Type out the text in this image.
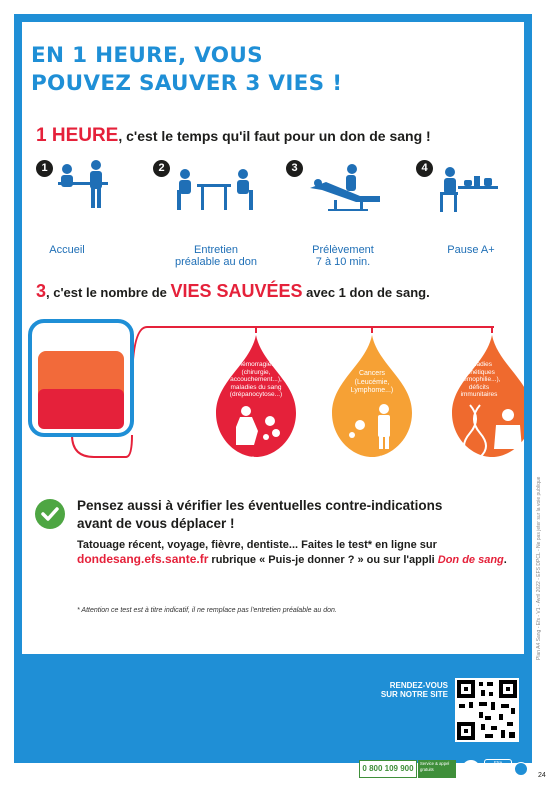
EN 1 HEURE, VOUS
POUVEZ SAUVER 3 VIES !
1 HEURE, c'est le temps qu'il faut pour un don de sang !
1
Accueil

2
Entretien
préalable au don
3
Prélèvement
7 à 10 min.
4
Pause A+

3, c'est le nombre de VIES SAUVÉES avec 1 don de sang.
Hémorragies
(chirurgie,
accouchement...),
maladies du sang
(drépanocytose...)
Globules
rouges
Cancers
(Leucémie,
Lymphome...)
Plaquettes
Maladies
génétiques
(hémophilie...),
déficits
immunitaires
Plasma
Pensez aussi à vérifier les éventuelles contre-indications
avant de vous déplacer !
Tatouage récent, voyage, fièvre, dentiste... Faites le test* en ligne sur
dondesang.efs.sante.fr rubrique « Puis-je donner ? » ou sur l'appli Don de sang.
* Attention ce test est à titre indicatif, il ne remplace pas l'entretien préalable au don.
RENDEZ-VOUS
SUR NOTRE SITE
dondesang.efs.sante.fr	0 800 109 900
Service & appel
gratuits
Etre
donneur
recomplete
Plan A4 Sang - Efs - V1 - Avril 2022 - EFS DPCL - Ne pas jeter sur la voie publique
24
